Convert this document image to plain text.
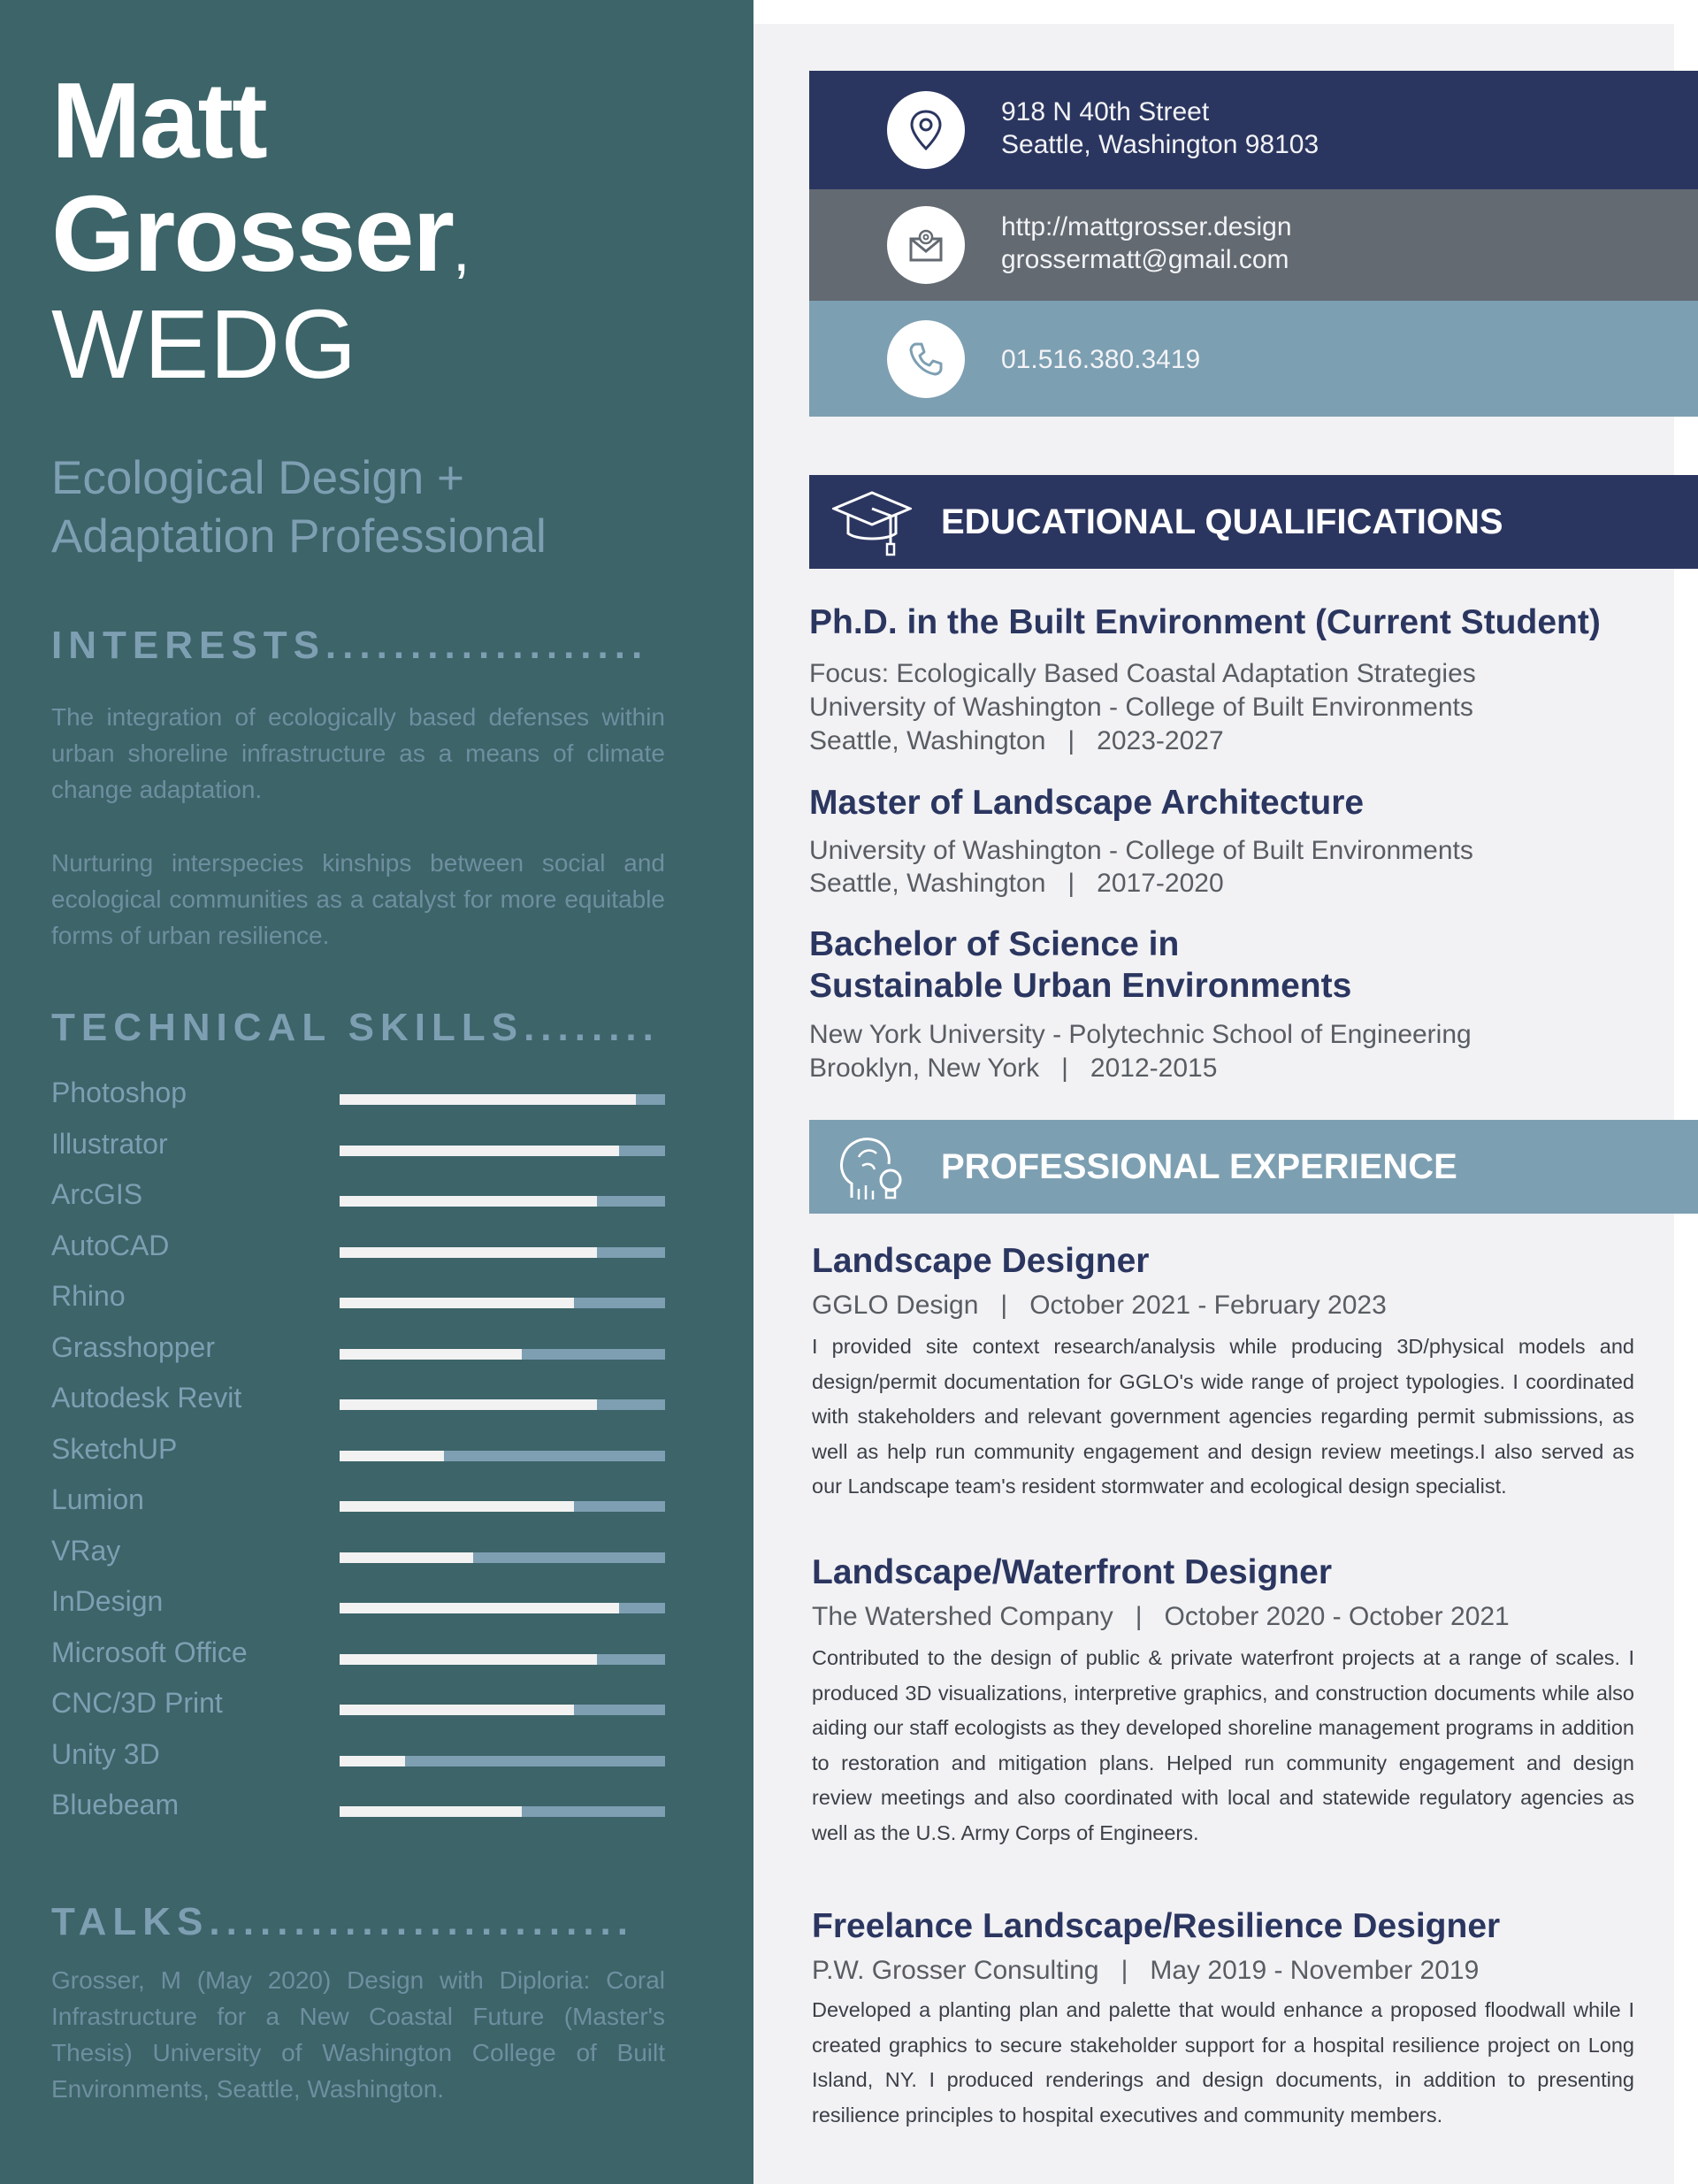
Matt
Grosser,
WEDG
Ecological Design +
Adaptation Professional
INTERESTS...................
The integration of ecologically based defenses within urban shoreline infrastructure as a means of climate change adaptation.
Nurturing interspecies kinships between social and ecological communities as a catalyst for more equitable forms of urban resilience.
TECHNICAL SKILLS........
Photoshop
Illustrator
ArcGIS
AutoCAD
Rhino
Grasshopper
Autodesk Revit
SketchUP
Lumion
VRay
InDesign
Microsoft Office
CNC/3D Print
Unity 3D
Bluebeam
TALKS.........................
Grosser, M (May 2020) Design with Diploria: Coral Infrastructure for a New Coastal Future (Master's Thesis) University of Washington College of Built Environments, Seattle, Washington.
918 N 40th Street
Seattle, Washington 98103
http://mattgrosser.design
grossermatt@gmail.com
01.516.380.3419
EDUCATIONAL QUALIFICATIONS
Ph.D. in the Built Environment (Current Student)
Focus: Ecologically Based Coastal Adaptation Strategies
University of Washington - College of Built Environments
Seattle, Washington   |   2023-2027
Master of Landscape Architecture
University of Washington - College of Built Environments
Seattle, Washington   |   2017-2020
Bachelor of Science in
Sustainable Urban Environments
New York University - Polytechnic School of Engineering
Brooklyn, New York   |   2012-2015
PROFESSIONAL EXPERIENCE
Landscape Designer
GGLO Design   |   October 2021 - February 2023
I provided site context research/analysis while producing 3D/physical models and design/permit documentation for GGLO's wide range of project typologies. I coordinated with stakeholders and relevant government agencies regarding permit submissions, as well as help run community engagement and design review meetings.I also served as our Landscape team's resident stormwater and ecological design specialist.
Landscape/Waterfront Designer
The Watershed Company   |   October 2020 - October 2021
Contributed to the design of public & private waterfront projects at a range of scales. I produced 3D visualizations, interpretive graphics, and construction documents while also aiding our staff ecologists as they developed shoreline management programs in addition to restoration and mitigation plans. Helped run community engagement and design review meetings and also coordinated with local and statewide regulatory agencies as well as the U.S. Army Corps of Engineers.
Freelance Landscape/Resilience Designer
P.W. Grosser Consulting   |   May 2019 - November 2019
Developed a planting plan and palette that would enhance a proposed floodwall while I created graphics to secure stakeholder support for a hospital resilience project on Long Island, NY. I produced renderings and design documents, in addition to presenting resilience principles to hospital executives and community members.
